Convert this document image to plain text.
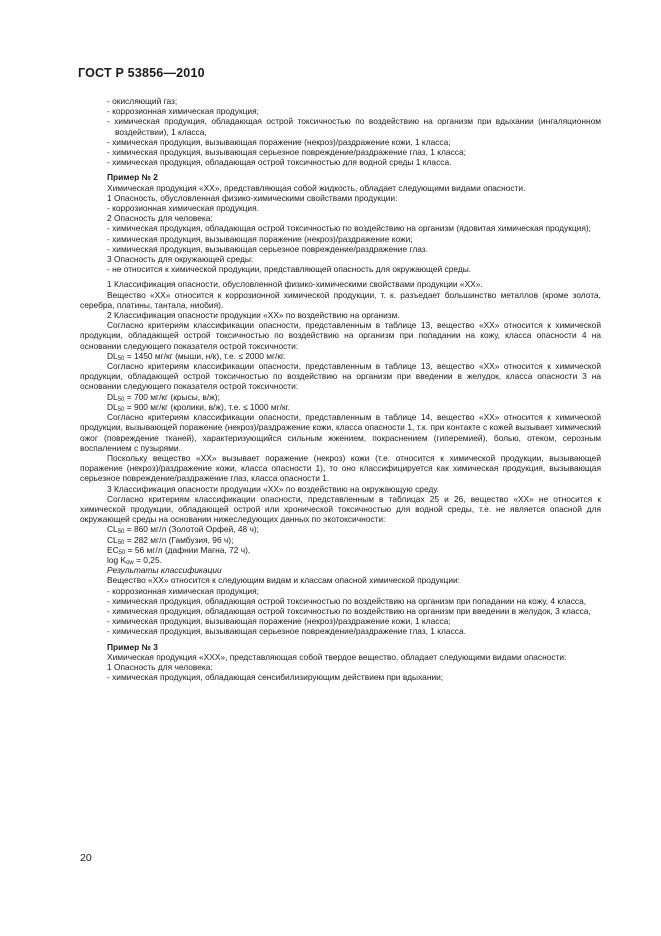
ГОСТ Р 53856—2010
- окисляющий газ;
- коррозионная химическая продукция;
- химическая продукция, обладающая острой токсичностью по воздействию на организм при вдыхании (ингаляционном воздействии), 1 класса,
- химическая продукция, вызывающая поражение (некроз)/раздражение кожи, 1 класса;
- химическая продукция, вызывающая серьезное повреждение/раздражение глаз, 1 класса;
- химическая продукция, обладающая острой токсичностью для водной среды 1 класса.
Пример № 2
Химическая продукция «ХХ», представляющая собой жидкость, обладает следующими видами опасности.
1 Опасность, обусловленная физико-химическими свойствами продукции:
- коррозионная химическая продукция.
2 Опасность для человека:
- химическая продукция, обладающая острой токсичностью по воздействию на организм (ядовитая химическая продукция);
- химическая продукция, вызывающая поражение (некроз)/раздражение кожи;
- химическая продукция, вызывающая серьезное повреждение/раздражение глаз.
3 Опасность для окружающей среды:
- не относится к химической продукции, представляющей опасность для окружающей среды.
1 Классификация опасности, обусловленной физико-химическими свойствами продукции «ХХ».
Вещество «ХХ» относится к коррозионной химической продукции, т. к. разъедает большинство металлов (кроме золота, серебра, платины, тантала, ниобия).
2 Классификация опасности продукции «ХХ» по воздействию на организм.
Согласно критериям классификации опасности, представленным в таблице 13, вещество «ХХ» относится к химической продукции, обладающей острой токсичностью по воздействию на организм при попадании на кожу, класса опасности 4 на основании следующего показателя острой токсичности:
$DL_{50} = 1450$ мг/кг (мыши, н/к), т.е. ≤ 2000 мг/кг.
Согласно критериям классификации опасности, представленным в таблице 13, вещество «ХХ» относится к химической продукции, обладающей острой токсичностью по воздействию на организм при введении в желудок, класса опасности 3 на основании следующего показателя острой токсичности:
$DL_{50} = 700$ мг/кг (крысы, в/ж);
$DL_{50} = 900$ мг/кг (кролики, в/ж), т.е. ≤ 1000 мг/кг.
Согласно критериям классификации опасности, представленным в таблице 14, вещество «ХХ» относится к химической продукции, вызывающей поражение (некроз)/раздражение кожи, класса опасности 1, т.к. при контакте с кожей вызывает химический ожог (повреждение тканей), характеризующийся сильным жжением, покраснением (гиперемией), болью, отеком, серозным воспалением с пузырями.
Поскольку вещество «ХХ» вызывает поражение (некроз) кожи (т.е. относится к химической продукции, вызывающей поражение (некроз)/раздражение кожи, класса опасности 1), то оно классифицируется как химическая продукция, вызывающая серьезное повреждение/раздражение глаз, класса опасности 1.
3 Классификация опасности продукции «ХХ» по воздействию на окружающую среду.
Согласно критериям классификации опасности, представленным в таблицах 25 и 26, вещество «ХХ» не относится к химической продукции, обладающей острой или хронической токсичностью для водной среды, т.е. не является опасной для окружающей среды на основании нижеследующих данных по экотоксичности:
$CL_{50} = 860$ мг/л (Золотой Орфей, 48 ч);
$CL_{50} = 282$ мг/л (Гамбузия, 96 ч);
$EC_{50} = 56$ мг/л (дафнии Магна, 72 ч),
$\log K_{ow} = 0,25$.
Результаты классификации
Вещество «ХХ» относится к следующим видам и классам опасной химической продукции:
- коррозионная химическая продукция;
- химическая продукция, обладающая острой токсичностью по воздействию на организм при попадании на кожу, 4 класса,
- химическая продукция, обладающая острой токсичностью по воздействию на организм при введении в желудок, 3 класса,
- химическая продукция, вызывающая поражение (некроз)/раздражение кожи, 1 класса;
- химическая продукция, вызывающая серьезное повреждение/раздражение глаз, 1 класса.
Пример № 3
Химическая продукция «ХХХ», представляющая собой твердое вещество, обладает следующими видами опасности:
1 Опасность для человека:
- химическая продукция, обладающая сенсибилизирующим действием при вдыхании;
20
